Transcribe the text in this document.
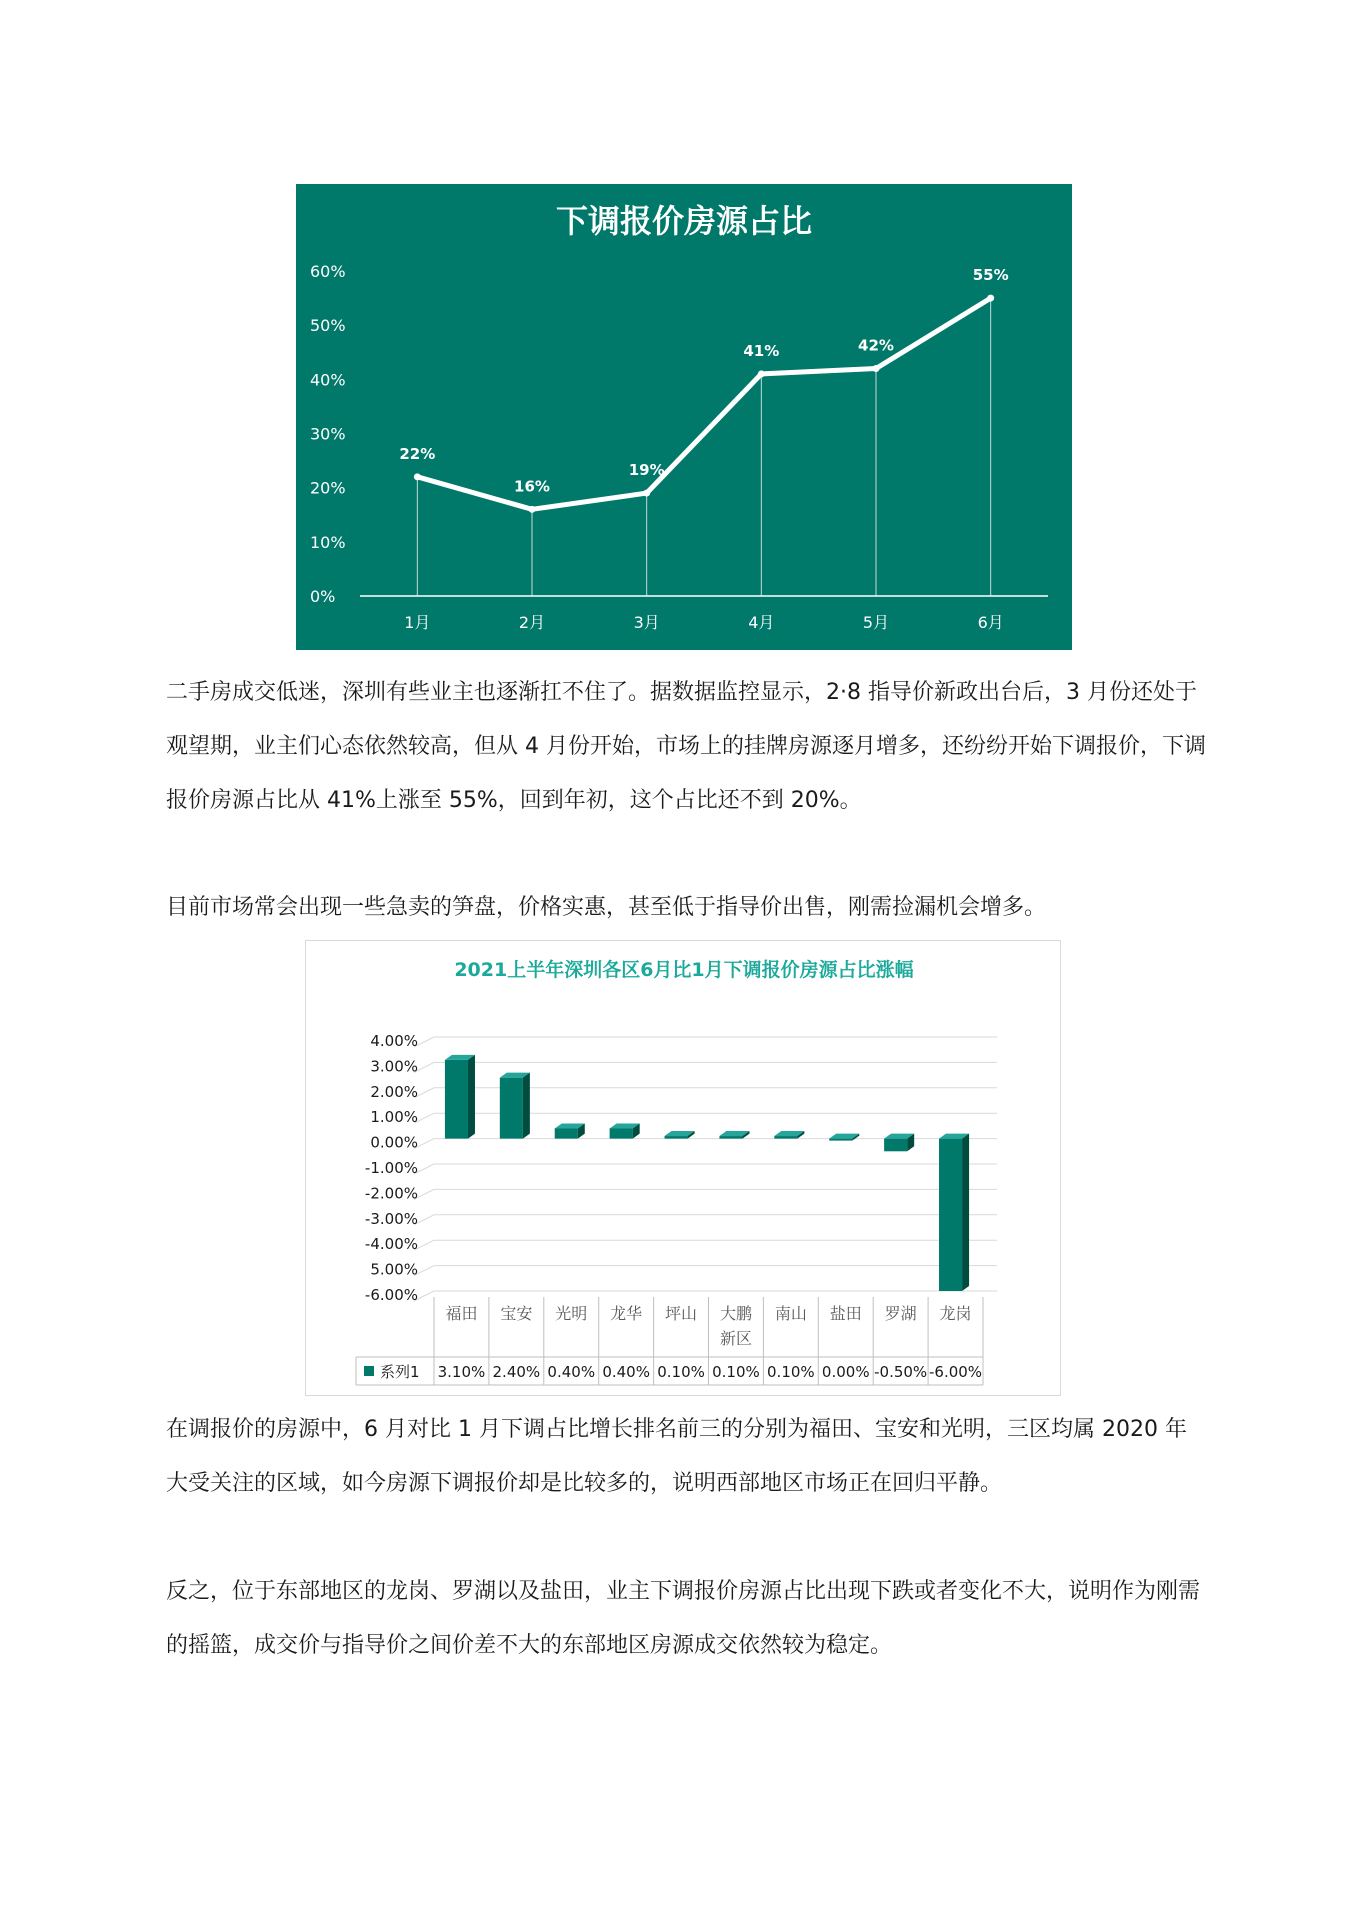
下调报价房源占比
0%
10%
20%
30%
40%
50%
60%
22%
1月
16%
2月
19%
3月
41%
4月
42%
5月
55%
6月

二手房成交低迷，深圳有些业主也逐渐扛不住了。据数据监控显示，2·8 指导价新政出台后，3 月份还处于观望期，业主们心态依然较高，但从 4 月份开始，市场上的挂牌房源逐月增多，还纷纷开始下调报价，下调报价房源占比从 41%上涨至 55%，回到年初，这个占比还不到 20%。

目前市场常会出现一些急卖的笋盘，价格实惠，甚至低于指导价出售，刚需捡漏机会增多。

2021上半年深圳各区6月比1月下调报价房源占比涨幅
4.00%
3.00%
2.00%
1.00%
0.00%
-1.00%
-2.00%
-3.00%
-4.00%
5.00%
-6.00%
福田
3.10%
宝安
2.40%
光明
0.40%
龙华
0.40%
坪山
0.10%
大鹏
新区
0.10%
南山
0.10%
盐田
0.00%
罗湖
-0.50%
龙岗
-6.00%
系列1

在调报价的房源中，6 月对比 1 月下调占比增长排名前三的分别为福田、宝安和光明，三区均属 2020 年大受关注的区域，如今房源下调报价却是比较多的，说明西部地区市场正在回归平静。

反之，位于东部地区的龙岗、罗湖以及盐田，业主下调报价房源占比出现下跌或者变化不大，说明作为刚需的摇篮，成交价与指导价之间价差不大的东部地区房源成交依然较为稳定。
